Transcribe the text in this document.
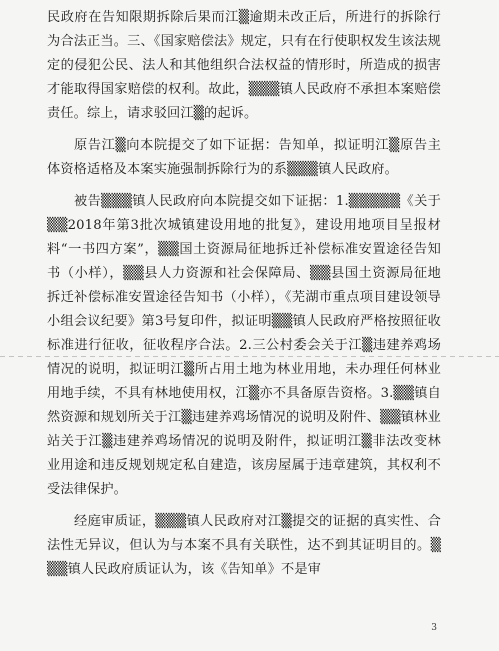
民政府在告知限期拆除后果而江▒逾期未改正后，所进行的拆除行为合法正当。三、《国家赔偿法》规定，只有在行使职权发生该法规定的侵犯公民、法人和其他组织合法权益的情形时，所造成的损害才能取得国家赔偿的权利。故此，▒▒▒镇人民政府不承担本案赔偿责任。综上，请求驳回江▒的起诉。

原告江▒向本院提交了如下证据：告知单，拟证明江▒原告主体资格适格及本案实施强制拆除行为的系▒▒▒镇人民政府。

被告▒▒▒镇人民政府向本院提交如下证据：1.▒▒▒▒▒《关于▒▒2018年第3批次城镇建设用地的批复》，建设用地项目呈报材料“一书四方案”，▒▒国土资源局征地拆迁补偿标准安置途径告知书（小样），▒▒县人力资源和社会保障局、▒▒县国土资源局征地拆迁补偿标准安置途径告知书（小样），《芜湖市重点项目建设领导小组会议纪要》第3号复印件，拟证明▒▒镇人民政府严格按照征收标准进行征收，征收程序合法。2.三公村委会关于江▒违建养鸡场情况的说明，拟证明江▒所占用土地为林业用地，未办理任何林业用地手续，不具有林地使用权，江▒亦不具备原告资格。3.▒▒镇自然资源和规划所关于江▒违建养鸡场情况的说明及附件、▒▒镇林业站关于江▒违建养鸡场情况的说明及附件，拟证明江▒非法改变林业用途和违反规划规定私自建造，该房屋属于违章建筑，其权利不受法律保护。

经庭审质证，▒▒▒镇人民政府对江▒提交的证据的真实性、合法性无异议，但认为与本案不具有关联性，达不到其证明目的。▒▒▒镇人民政府质证认为，该《告知单》不是审

3
